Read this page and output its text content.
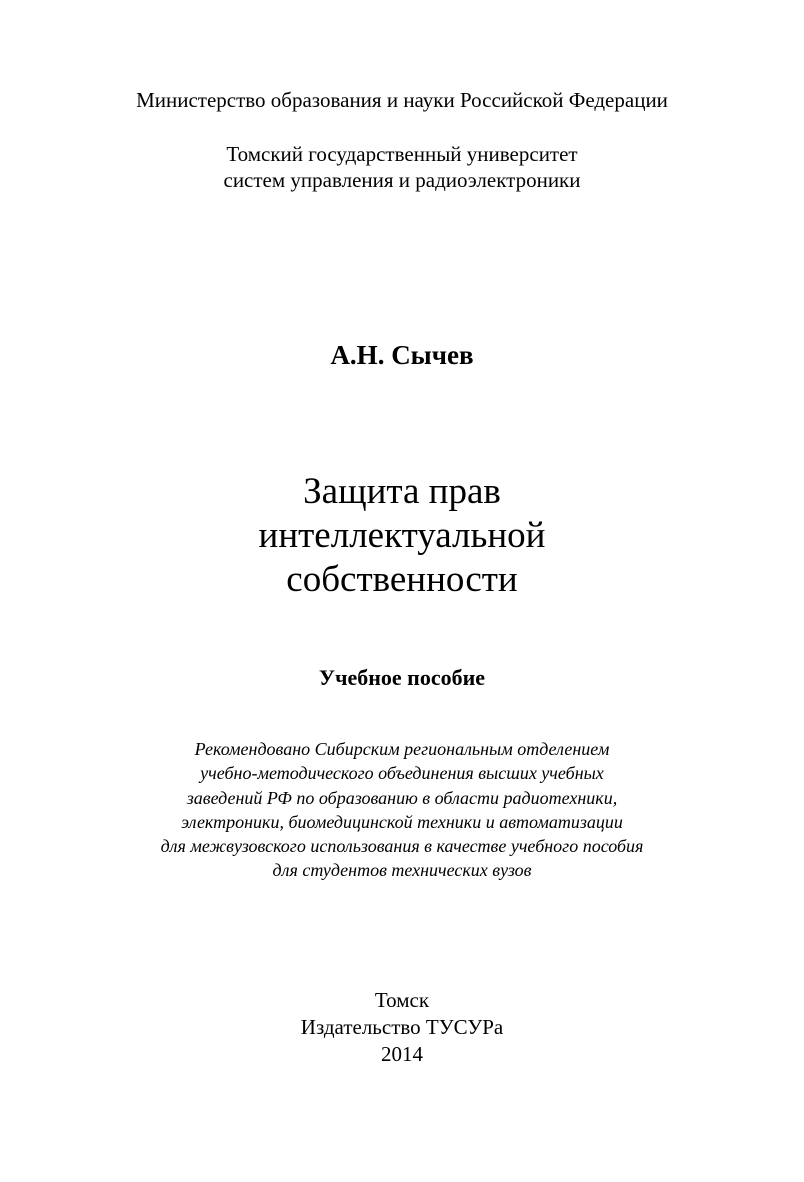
Министерство образования и науки Российской Федерации
Томский государственный университет
систем управления и радиоэлектроники
А.Н. Сычев
Защита прав
интеллектуальной
собственности
Учебное пособие
Рекомендовано Сибирским региональным отделением
учебно-методического объединения высших учебных
заведений РФ по образованию в области радиотехники,
электроники, биомедицинской техники и автоматизации
для межвузовского использования в качестве учебного пособия
для студентов технических вузов
Томск
Издательство ТУСУРа
2014
